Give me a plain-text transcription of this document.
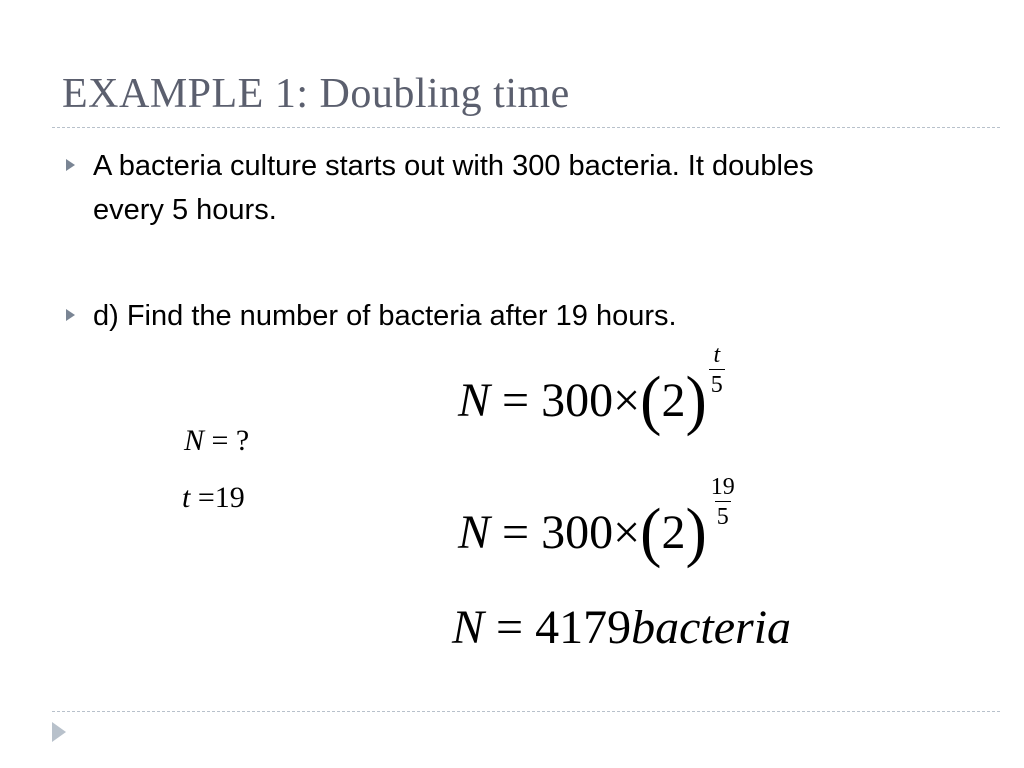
EXAMPLE 1: Doubling time
A bacteria culture starts out with 300 bacteria. It doubles
every 5 hours.
d) Find the number of bacteria after 19 hours.
N = ?
t =19
N = 300× ( 2 ) $\frac{t}{5}$
N = 300× ( 2 ) $\frac{19}{5}$
N = 4179 bacteria
